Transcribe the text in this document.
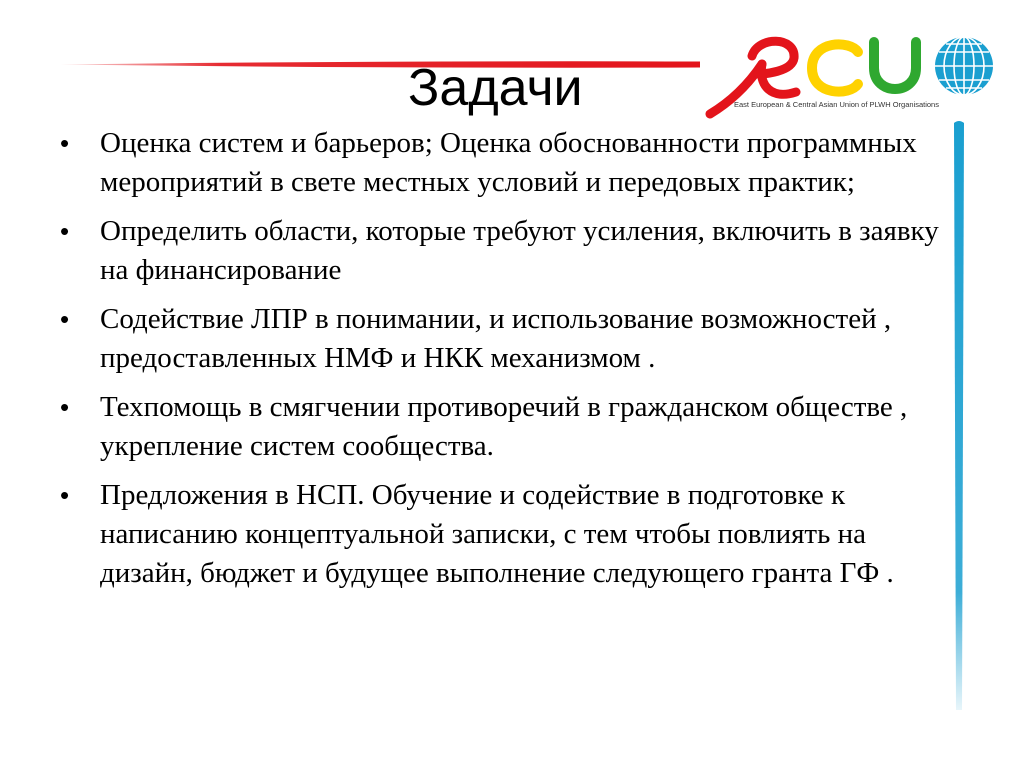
East European & Central Asian Union of PLWH Organisations
Задачи
• Оценка систем и барьеров; Оценка обоснованности программных мероприятий в свете местных условий и передовых практик;
• Определить области, которые требуют усиления, включить в заявку на финансирование
• Содействие ЛПР в понимании, и использование возможностей , предоставленных НМФ и НКК механизмом .
• Техпомощь в смягчении противоречий в гражданском обществе , укрепление систем сообщества.
• Предложения в НСП. Обучение и содействие в подготовке к написанию концептуальной записки, с тем чтобы повлиять на дизайн, бюджет и будущее выполнение следующего гранта ГФ .
